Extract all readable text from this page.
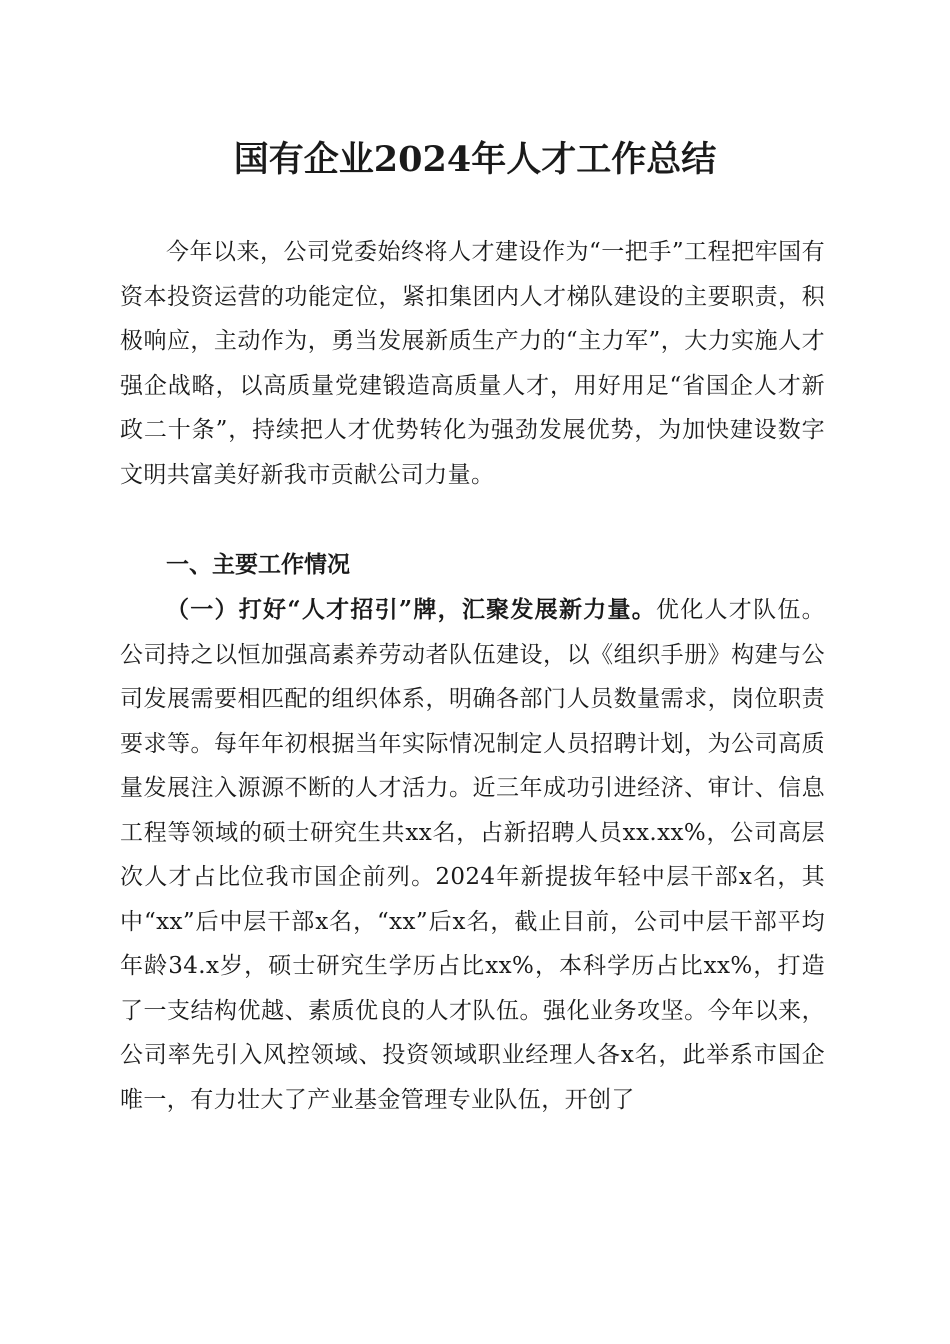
国有企业2024年人才工作总结

今年以来，公司党委始终将人才建设作为“一把手”工程把牢国有资本投资运营的功能定位，紧扣集团内人才梯队建设的主要职责，积极响应，主动作为，勇当发展新质生产力的“主力军”，大力实施人才强企战略，以高质量党建锻造高质量人才，用好用足“省国企人才新政二十条”，持续把人才优势转化为强劲发展优势，为加快建设数字文明共富美好新我市贡献公司力量。

一、主要工作情况

（一）打好“人才招引”牌，汇聚发展新力量。优化人才队伍。公司持之以恒加强高素养劳动者队伍建设，以《组织手册》构建与公司发展需要相匹配的组织体系，明确各部门人员数量需求，岗位职责要求等。每年年初根据当年实际情况制定人员招聘计划，为公司高质量发展注入源源不断的人才活力。近三年成功引进经济、审计、信息工程等领域的硕士研究生共xx名，占新招聘人员xx.xx%，公司高层次人才占比位我市国企前列。2024年新提拔年轻中层干部x名，其中“xx”后中层干部x名，“xx”后x名，截止目前，公司中层干部平均年龄34.x岁，硕士研究生学历占比xx%，本科学历占比xx%，打造了一支结构优越、素质优良的人才队伍。强化业务攻坚。今年以来，公司率先引入风控领域、投资领域职业经理人各x名，此举系市国企唯一，有力壮大了产业基金管理专业队伍，开创了
